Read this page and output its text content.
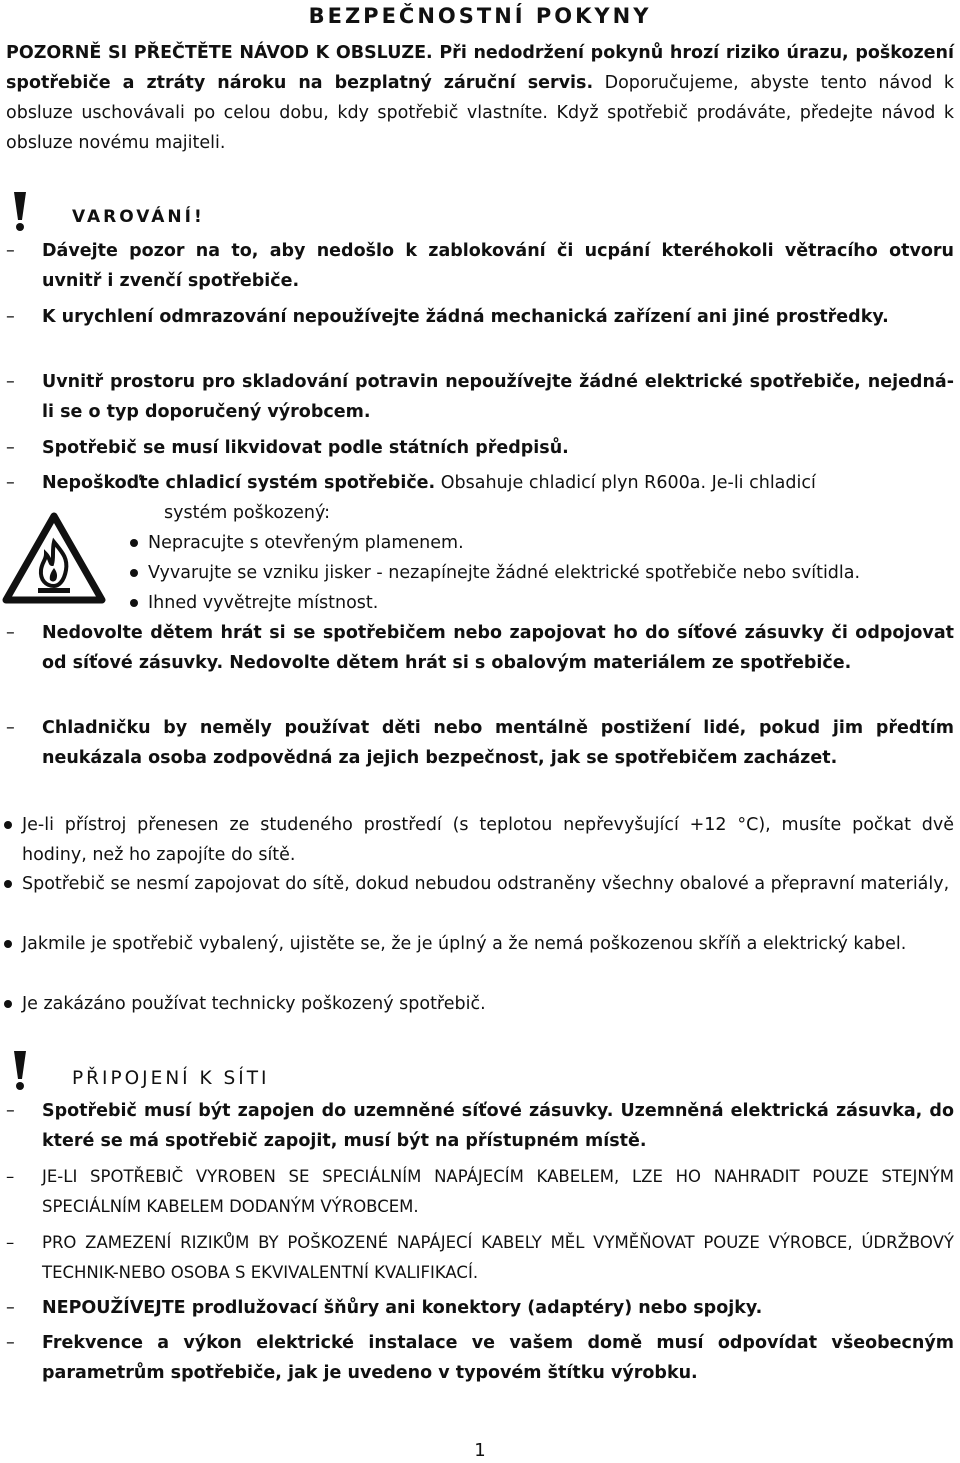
BEZPEČNOSTNÍ POKYNY

POZORNĚ SI PŘEČTĚTE NÁVOD K OBSLUZE. Při nedodržení pokynů hrozí riziko úrazu, poškození spotřebiče a ztráty nároku na bezplatný záruční servis. Doporučujeme, abyste tento návod k obsluze uschovávali po celou dobu, kdy spotřebič vlastníte. Když spotřebič prodáváte, předejte návod k obsluze novému majiteli.

VAROVÁNÍ!
–	Dávejte pozor na to, aby nedošlo k zablokování či ucpání kteréhokoli větracího otvoru uvnitř i zvenčí spotřebiče.
–	K urychlení odmrazování nepoužívejte žádná mechanická zařízení ani jiné prostředky.
–	Uvnitř prostoru pro skladování potravin nepoužívejte žádné elektrické spotřebiče, nejedná-li se o typ doporučený výrobcem.
–	Spotřebič se musí likvidovat podle státních předpisů.
–	Nepoškoďte chladicí systém spotřebiče. Obsahuje chladicí plyn R600a. Je-li chladicí
systém poškozený:
Nepracujte s otevřeným plamenem.
Vyvarujte se vzniku jisker - nezapínejte žádné elektrické spotřebiče nebo svítidla.
Ihned vyvětrejte místnost.
–	Nedovolte dětem hrát si se spotřebičem nebo zapojovat ho do síťové zásuvky či odpojovat od síťové zásuvky. Nedovolte dětem hrát si s obalovým materiálem ze spotřebiče.
–	Chladničku by neměly používat děti nebo mentálně postižení lidé, pokud jim předtím neukázala osoba zodpovědná za jejich bezpečnost, jak se spotřebičem zacházet.
Je-li přístroj přenesen ze studeného prostředí (s teplotou nepřevyšující +12 °C), musíte počkat dvě hodiny, než ho zapojíte do sítě.
Spotřebič se nesmí zapojovat do sítě, dokud nebudou odstraněny všechny obalové a přepravní materiály,
Jakmile je spotřebič vybalený, ujistěte se, že je úplný a že nemá poškozenou skříň a elektrický kabel.
Je zakázáno používat technicky poškozený spotřebič.
PŘIPOJENÍ K SÍTI
–	Spotřebič musí být zapojen do uzemněné síťové zásuvky. Uzemněná elektrická zásuvka, do které se má spotřebič zapojit, musí být na přístupném místě.
–	JE-LI SPOTŘEBIČ VYROBEN SE SPECIÁLNÍM NAPÁJECÍM KABELEM, LZE HO NAHRADIT POUZE STEJNÝM SPECIÁLNÍM KABELEM DODANÝM VÝROBCEM.
–	PRO ZAMEZENÍ RIZIKŮM BY POŠKOZENÉ NAPÁJECÍ KABELY MĚL VYMĚŇOVAT POUZE VÝROBCE, ÚDRŽBOVÝ TECHNIK-NEBO OSOBA S EKVIVALENTNÍ KVALIFIKACÍ.
–	NEPOUŽÍVEJTE prodlužovací šňůry ani konektory (adaptéry) nebo spojky.
–	Frekvence a výkon elektrické instalace ve vašem domě musí odpovídat všeobecným parametrům spotřebiče, jak je uvedeno v typovém štítku výrobku.
1
